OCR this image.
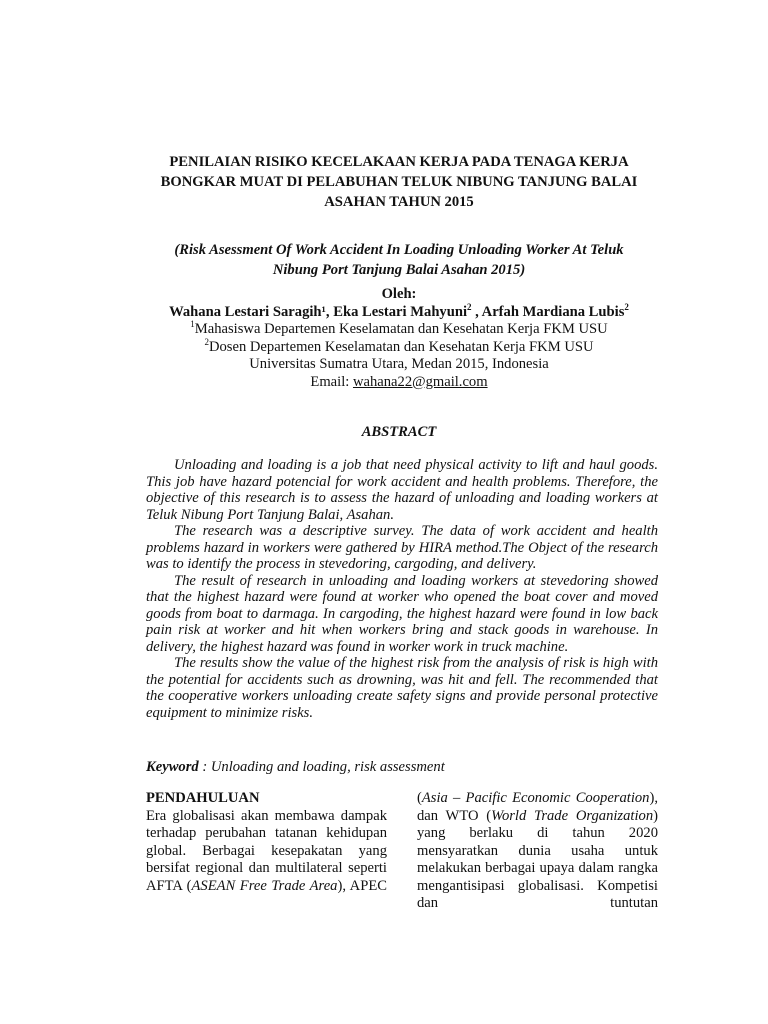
PENILAIAN RISIKO KECELAKAAN KERJA PADA TENAGA KERJA
BONGKAR MUAT DI PELABUHAN TELUK NIBUNG TANJUNG BALAI
ASAHAN TAHUN 2015
(Risk Asessment Of Work Accident In Loading Unloading Worker At Teluk
Nibung Port Tanjung Balai Asahan 2015)
Oleh:
Wahana Lestari Saragih¹, Eka Lestari Mahyuni$^2$ , Arfah Mardiana Lubis$^2$
$^1$Mahasiswa Departemen Keselamatan dan Kesehatan Kerja FKM USU
$^2$Dosen Departemen Keselamatan dan Kesehatan Kerja FKM USU
Universitas Sumatra Utara, Medan 2015, Indonesia
Email: wahana22@gmail.com
ABSTRACT

Unloading and loading is a job that need physical activity to lift and haul goods. This job have hazard potencial for work accident and health problems. Therefore, the objective of this research is to assess the hazard of unloading and loading workers at Teluk Nibung Port Tanjung Balai, Asahan.

The research was a descriptive survey. The data of work accident and health problems hazard in workers were gathered by HIRA method.The Object of the research was to identify the process in stevedoring, cargoding, and delivery.

The result of research in unloading and loading workers at stevedoring showed that the highest hazard were found at worker who opened the boat cover and moved goods from boat to darmaga. In cargoding, the highest hazard were found in low back pain risk at worker and hit when workers bring and stack goods in warehouse. In delivery, the highest hazard was found in worker work in truck machine.

The results show the value of the highest risk from the analysis of risk is high with the potential for accidents such as drowning, was hit and fell. The recommended that the cooperative workers unloading create safety signs and provide personal protective equipment to minimize risks.

Keyword : Unloading and loading, risk assessment
PENDAHULUAN

Era globalisasi akan membawa dampak terhadap perubahan tatanan kehidupan global. Berbagai kesepakatan yang bersifat regional dan multilateral seperti AFTA (ASEAN Free Trade Area), APEC

(Asia – Pacific Economic Cooperation), dan WTO (World Trade Organization) yang berlaku di tahun 2020 mensyaratkan dunia usaha untuk melakukan berbagai upaya dalam rangka mengantisipasi globalisasi. Kompetisi dan tuntutan
